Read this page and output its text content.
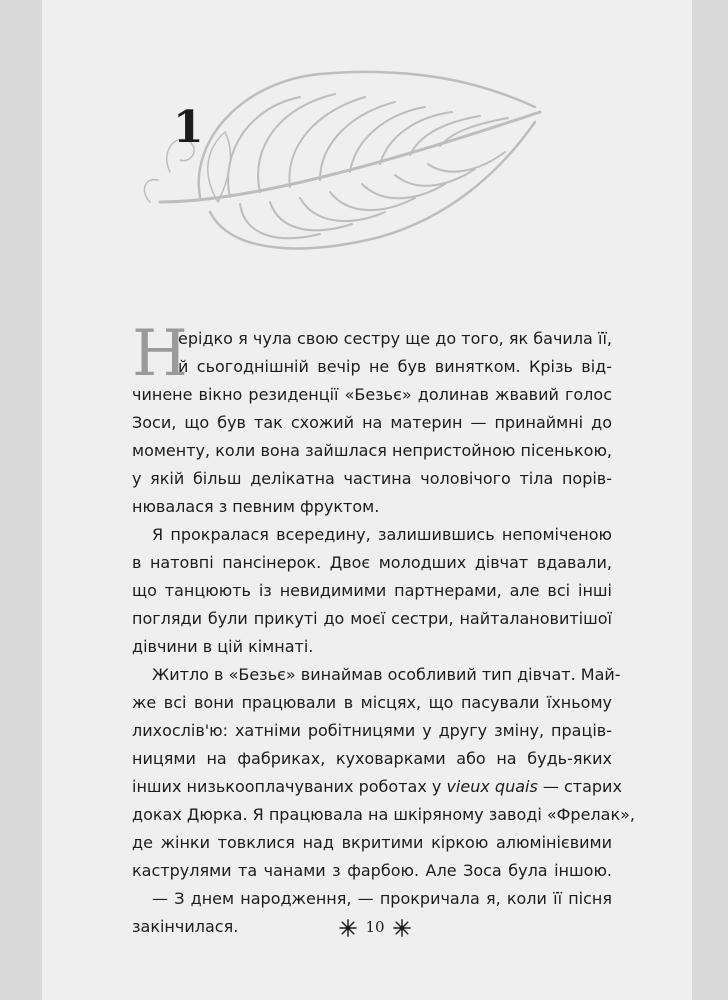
1
Н
ерідко я чула свою сестру ще до того, як бачила її,
й сьогоднішній вечір не був винятком. Крізь від-
чинене вікно резиденції «Безьє» долинав жвавий голос
Зоси, що був так схожий на материн — принаймні до
моменту, коли вона зайшлася непристойною пісенькою,
у якій більш делікатна частина чоловічого тіла порів-
нювалася з певним фруктом.
Я прокралася всередину, залишившись непоміченою
в натовпі пансінерок. Двоє молодших дівчат вдавали,
що танцюють із невидимими партнерами, але всі інші
погляди були прикуті до моєї сестри, найталановитішої
дівчини в цій кімнаті.
Житло в «Безьє» винаймав особливий тип дівчат. Май-
же всі вони працювали в місцях, що пасували їхньому
лихослів'ю: хатніми робітницями у другу зміну, праців-
ницями на фабриках, куховарками або на будь-яких
інших низькооплачуваних роботах у vieux quais — старих
доках Дюрка. Я працювала на шкіряному заводі «Фрелак»,
де жінки товклися над вкритими кіркою алюмінієвими
каструлями та чанами з фарбою. Але Зоса була іншою.
— З днем народження, — прокричала я, коли її пісня
закінчилася.	10
